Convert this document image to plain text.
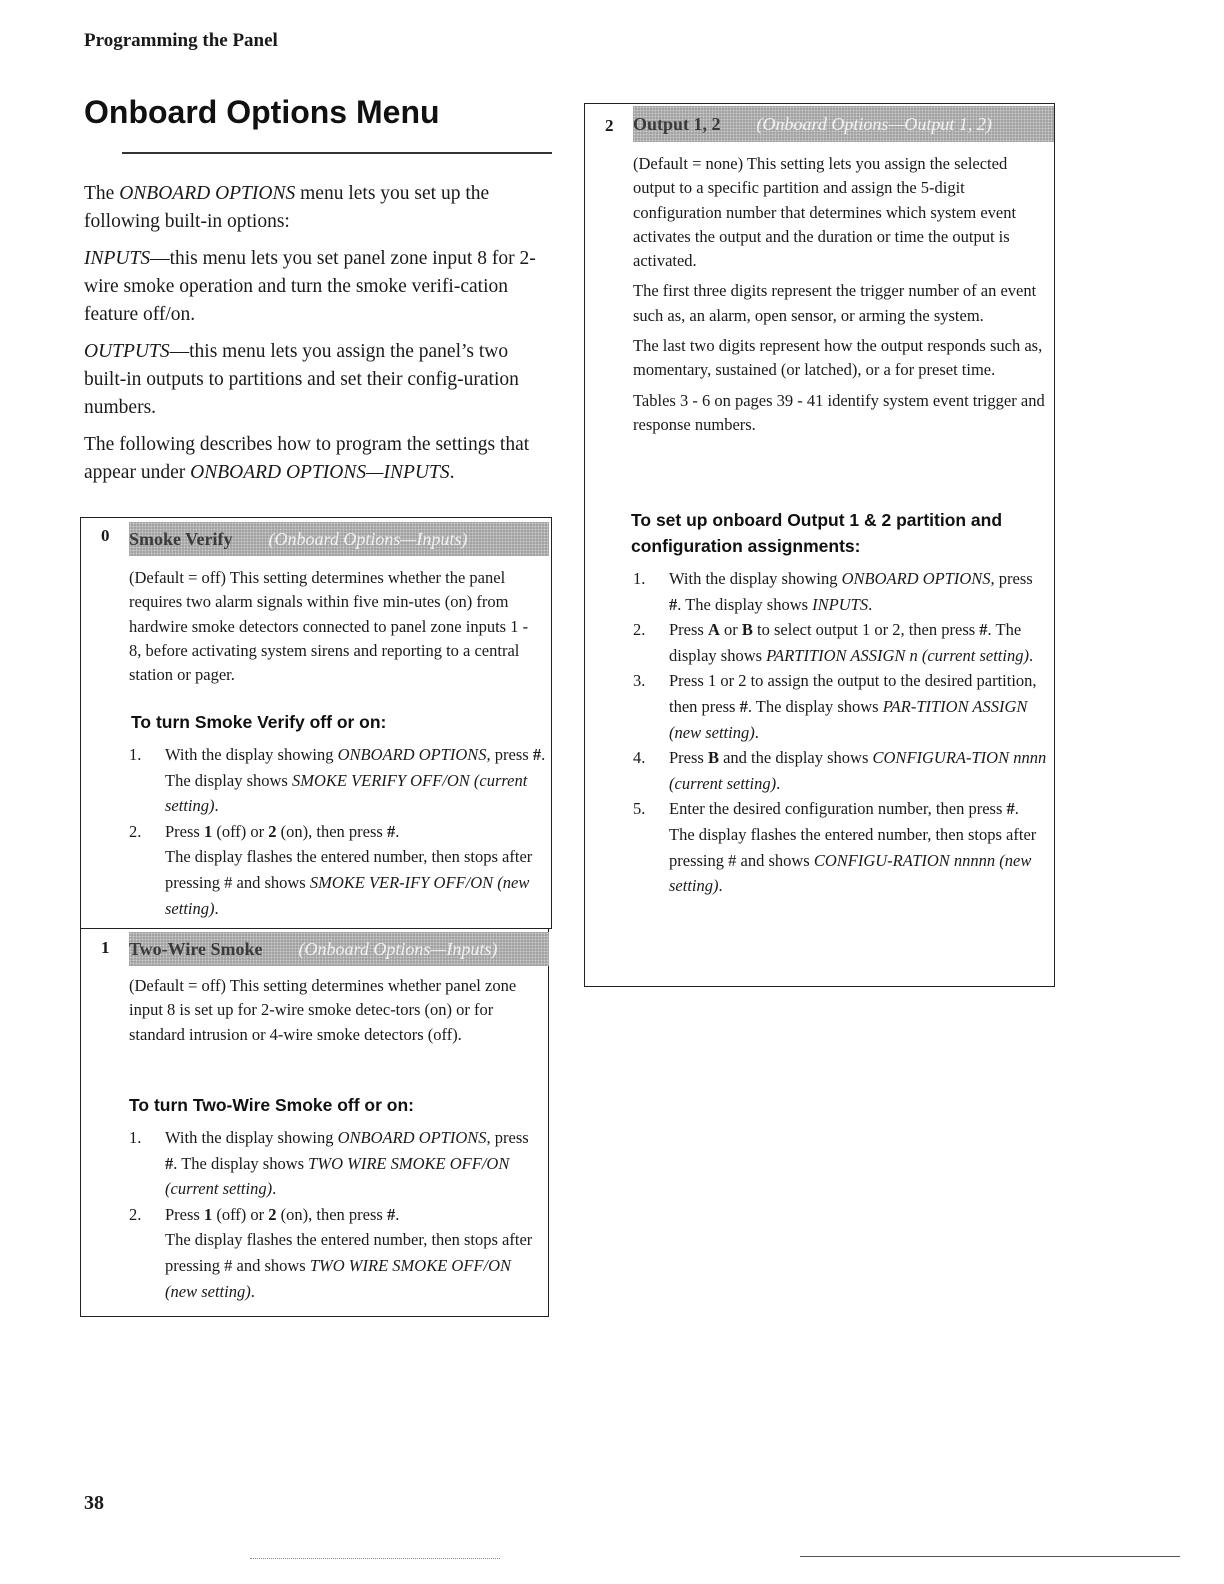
Programming the Panel
Onboard Options Menu

The ONBOARD OPTIONS menu lets you set up the following built-in options:

INPUTS—this menu lets you set panel zone input 8 for 2-wire smoke operation and turn the smoke verifi-cation feature off/on.

OUTPUTS—this menu lets you assign the panel’s two built-in outputs to partitions and set their config-uration numbers.

The following describes how to program the settings that appear under ONBOARD OPTIONS—INPUTS.

0 Smoke Verify (Onboard Options—Inputs)
(Default = off) This setting determines whether the panel requires two alarm signals within five min-utes (on) from hardwire smoke detectors connected to panel zone inputs 1 - 8, before activating system sirens and reporting to a central station or pager.
To turn Smoke Verify off or on:
1. With the display showing ONBOARD OPTIONS, press #. The display shows SMOKE VERIFY OFF/ON (current setting).
2. Press 1 (off) or 2 (on), then press #.
The display flashes the entered number, then stops after pressing # and shows SMOKE VER-IFY OFF/ON (new setting).
1 Two-Wire Smoke (Onboard Options—Inputs)
(Default = off) This setting determines whether panel zone input 8 is set up for 2-wire smoke detec-tors (on) or for standard intrusion or 4-wire smoke detectors (off).
To turn Two-Wire Smoke off or on:
1. With the display showing ONBOARD OPTIONS, press #. The display shows TWO WIRE SMOKE OFF/ON (current setting).
2. Press 1 (off) or 2 (on), then press #.
The display flashes the entered number, then stops after pressing # and shows TWO WIRE SMOKE OFF/ON (new setting).
2 Output 1, 2 (Onboard Options—Output 1, 2)

(Default = none) This setting lets you assign the selected output to a specific partition and assign the 5-digit configuration number that determines which system event activates the output and the duration or time the output is activated.

The first three digits represent the trigger number of an event such as, an alarm, open sensor, or arming the system.

The last two digits represent how the output responds such as, momentary, sustained (or latched), or a for preset time.

Tables 3 - 6 on pages 39 - 41 identify system event trigger and response numbers.

To set up onboard Output 1 & 2 partition and configuration assignments:
1. With the display showing ONBOARD OPTIONS, press #. The display shows INPUTS.
2. Press A or B to select output 1 or 2, then press #. The display shows PARTITION ASSIGN n (current setting).
3. Press 1 or 2 to assign the output to the desired partition, then press #. The display shows PAR-TITION ASSIGN (new setting).
4. Press B and the display shows CONFIGURA-TION nnnn (current setting).
5. Enter the desired configuration number, then press #.
The display flashes the entered number, then stops after pressing # and shows CONFIGU-RATION nnnnn (new setting).
38
